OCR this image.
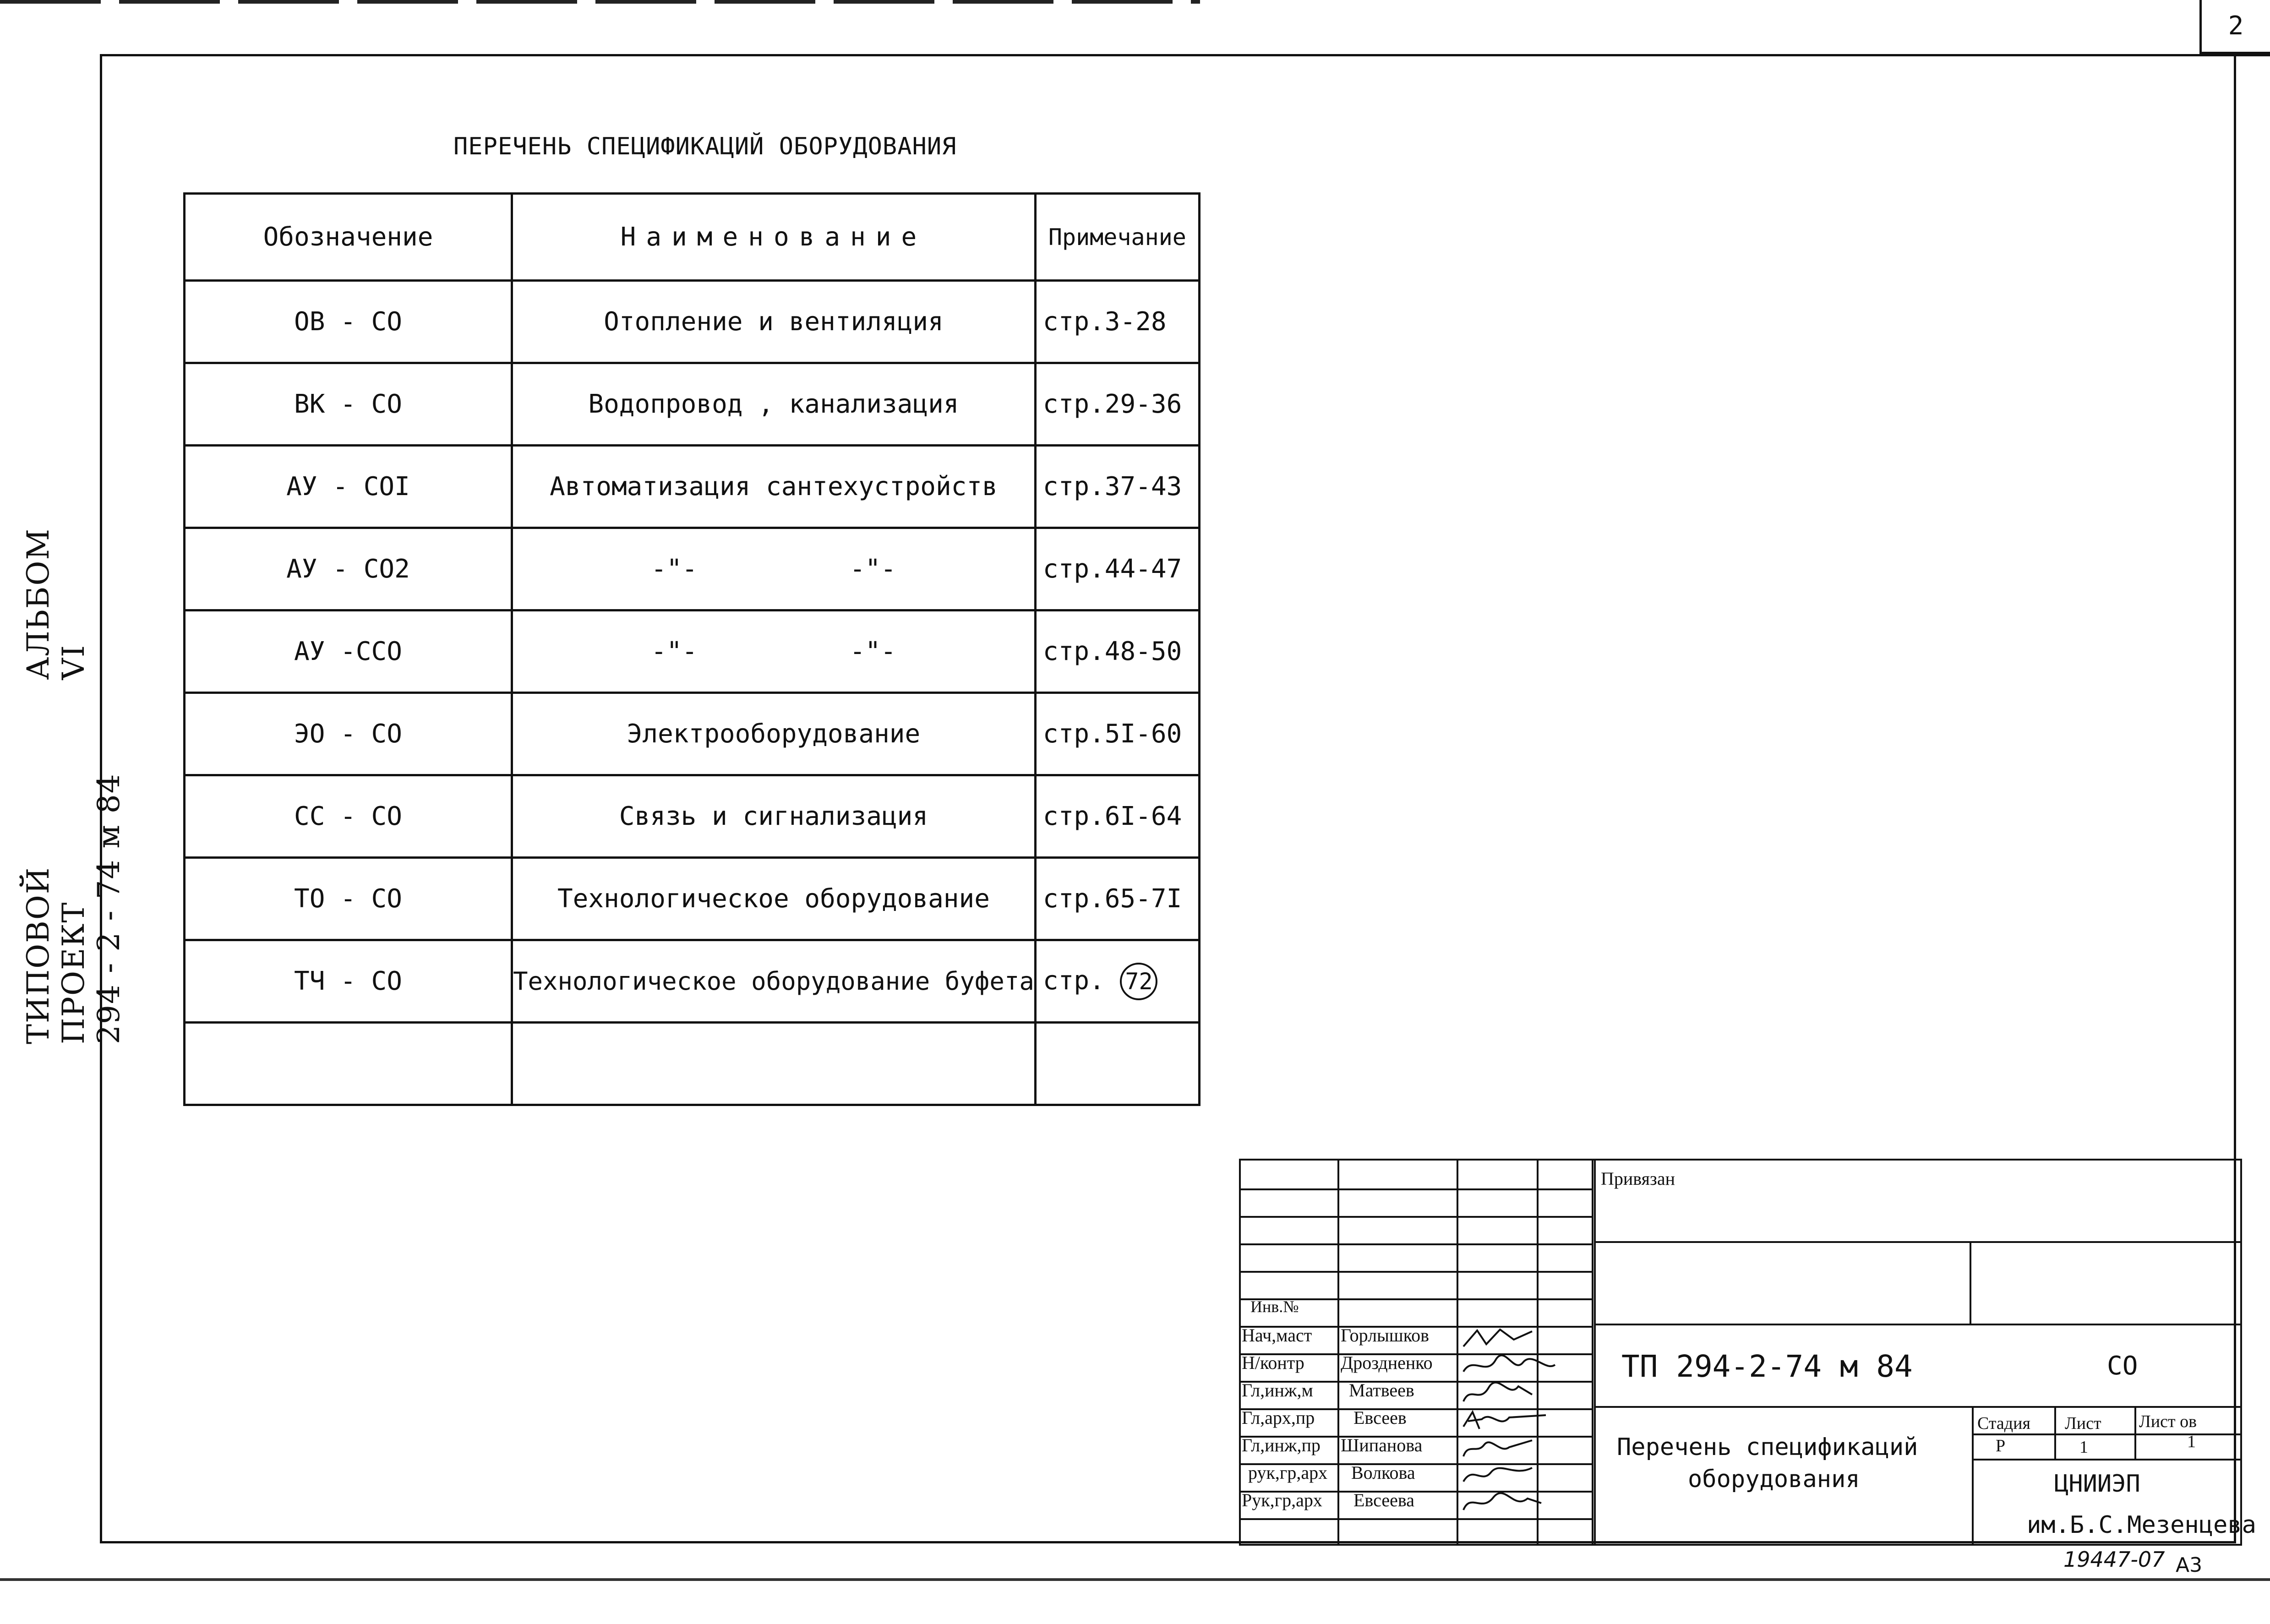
2
ТИПОВОЙ ПРОЕКТ
АЛЬБОМ VI
294 - 2 - 74 м 84
ПЕРЕЧЕНЬ СПЕЦИФИКАЦИЙ ОБОРУДОВАНИЯ
Обозначение	Наименование	Примечание
ОВ - СО	Отопление и вентиляция	стр.3-28
ВК - СО	Водопровод , канализация	стр.29-36
АУ - СОI	Автоматизация сантехустройств	стр.37-43
АУ - СО2	-"- -"-	стр.44-47
АУ -ССО	-"- -"-	стр.48-50
ЭО - СО	Электрооборудование	стр.5I-60
СС - СО	Связь и сигнализация	стр.6I-64
ТО - СО	Технологическое оборудование	стр.65-7I
ТЧ - СО	Технологическое оборудование буфета	стр. 72

Привязан
Инв.№
Нач,маст Горлышков
Н/контр Дроздненко
Гл,инж,м Матвеев
Гл,арх,пр Евсеев
Гл,инж,пр Шипанова
рук,гр,арх Волкова
Рук,гр,арх Евсеева
ТП 294-2-74 м 84	СО
Стадия Лист Лист ов
Р	1	1
Перечень спецификаций
оборудования	ЦНИИЭП
им.Б.С.Мезенцева
19447-07 А3
